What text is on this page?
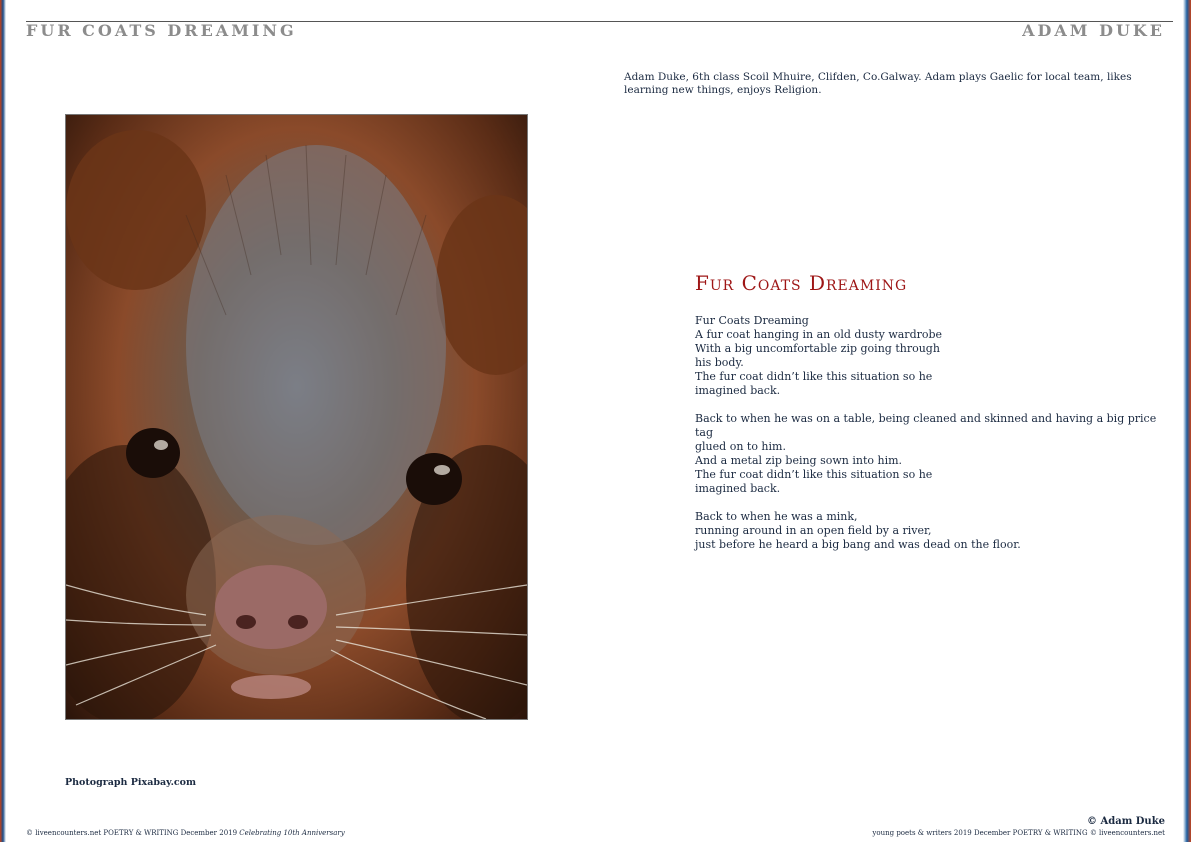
FUR COATS DREAMING	ADAM DUKE
Adam Duke, 6th class Scoil Mhuire, Clifden, Co.Galway. Adam plays Gaelic for local team, likes learning new things, enjoys Religion.
Photograph Pixabay.com
Fur Coats Dreaming
Fur Coats Dreaming
A fur coat hanging in an old dusty wardrobe
With a big uncomfortable zip going through
his body.
The fur coat didn’t like this situation so he
imagined back.
Back to when he was on a table, being cleaned and skinned and having a big price tag
glued on to him.
And a metal zip being sown into him.
The fur coat didn’t like this situation so he
imagined back.
Back to when he was a mink,
running around in an open field by a river,
just before he heard a big bang and was dead on the floor.
© Adam Duke
© liveencounters.net POETRY & WRITING December 2019 Celebrating 10th Anniversary	young poets & writers 2019 December POETRY & WRITING © liveencounters.net
